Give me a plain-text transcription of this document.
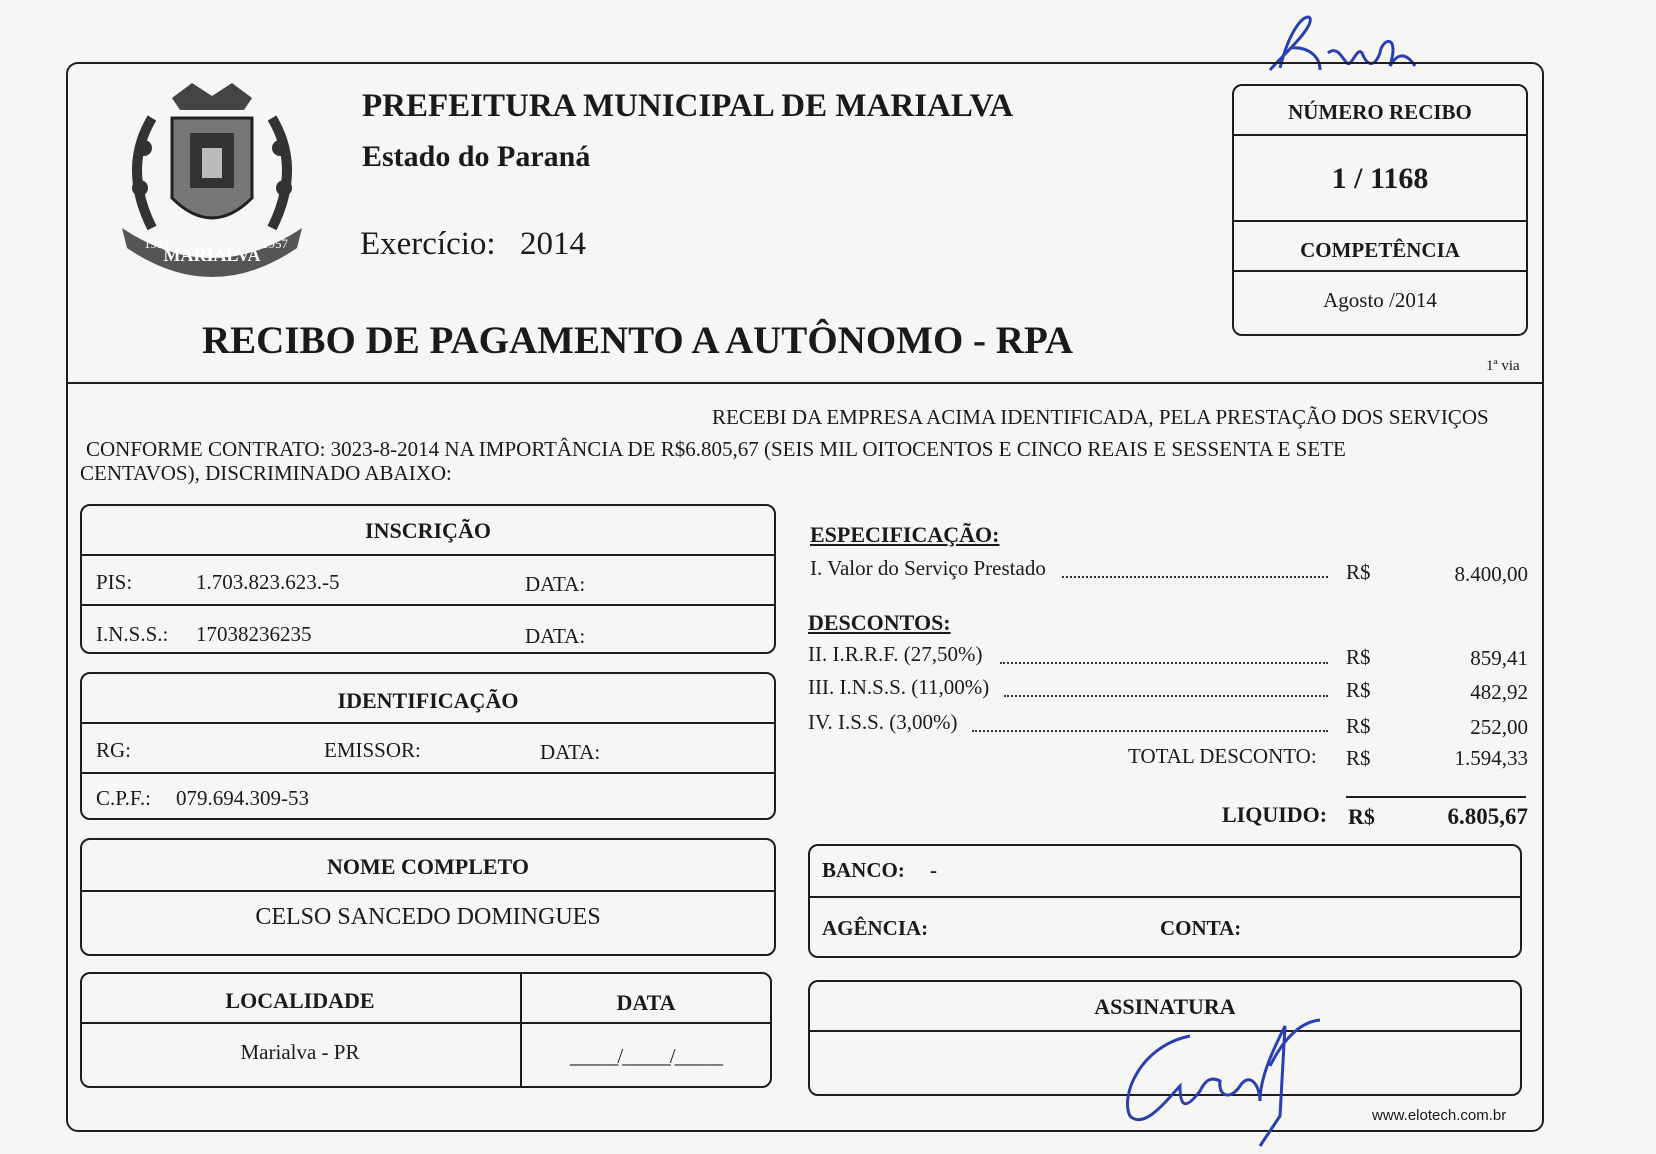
MARIALVA
1951	1957
PREFEITURA MUNICIPAL DE MARIALVA
Estado do Paraná
Exercício: 2014
RECIBO DE PAGAMENTO A AUTÔNOMO - RPA
NÚMERO RECIBO
1 / 1168
COMPETÊNCIA
Agosto /2014
1ª via
RECEBI DA EMPRESA ACIMA IDENTIFICADA, PELA PRESTAÇÃO DOS SERVIÇOS
CONFORME CONTRATO: 3023-8-2014 NA IMPORTÂNCIA DE R$6.805,67 (SEIS MIL OITOCENTOS E CINCO REAIS E SESSENTA E SETE
CENTAVOS), DISCRIMINADO ABAIXO:
INSCRIÇÃO
PIS:	1.703.823.623.-5	DATA:
I.N.S.S.: 17038236235	DATA:
IDENTIFICAÇÃO
RG:	EMISSOR:	DATA:
C.P.F.: 079.694.309-53
NOME COMPLETO
CELSO SANCEDO DOMINGUES
LOCALIDADE	DATA
Marialva - PR	_____/_____/_____
ESPECIFICAÇÃO:
I. Valor do Serviço Prestado	R$	8.400,00
DESCONTOS:
II. I.R.R.F. (27,50%)	R$	859,41
III. I.N.S.S. (11,00%)	R$	482,92
IV. I.S.S. (3,00%)	R$	252,00
TOTAL DESCONTO: R$	1.594,33
LIQUIDO: R$	6.805,67
BANCO: -
AGÊNCIA:	CONTA:
ASSINATURA
www.elotech.com.br
